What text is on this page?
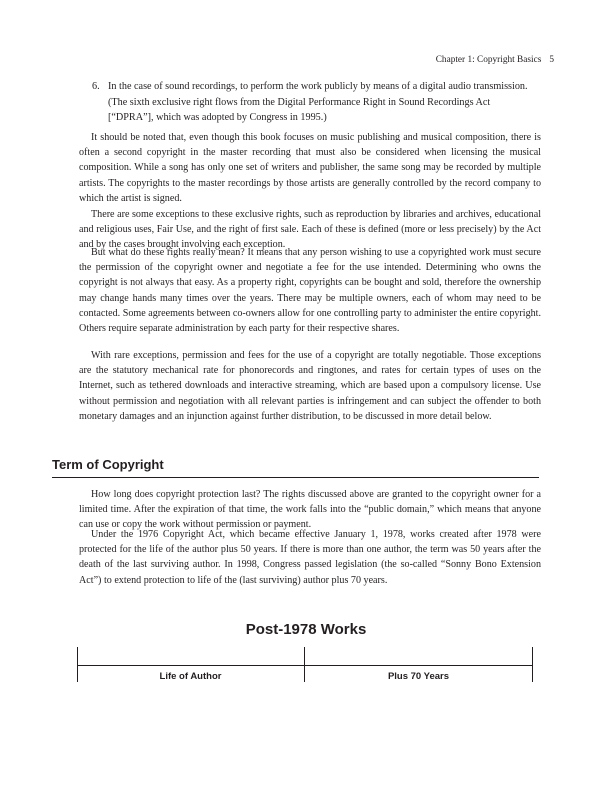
Chapter 1: Copyright Basics 5
6. In the case of sound recordings, to perform the work publicly by means of a digital audio transmission. (The sixth exclusive right flows from the Digital Performance Right in Sound Recordings Act [“DPRA”], which was adopted by Congress in 1995.)

It should be noted that, even though this book focuses on music publishing and musical composition, there is often a second copyright in the master recording that must also be considered when licensing the musical composition. While a song has only one set of writers and publisher, the same song may be recorded by multiple artists. The copyrights to the master recordings by those artists are generally controlled by the record company to which the artist is signed.

There are some exceptions to these exclusive rights, such as reproduction by libraries and archives, educational and religious uses, Fair Use, and the right of first sale. Each of these is defined (more or less precisely) by the Act and by the cases brought involving each exception.

But what do these rights really mean? It means that any person wishing to use a copyrighted work must secure the permission of the copyright owner and negotiate a fee for the use intended. Determining who owns the copyright is not always that easy. As a property right, copyrights can be bought and sold, therefore the ownership may change hands many times over the years. There may be multiple owners, each of whom may need to be contacted. Some agreements between co-owners allow for one controlling party to administer the entire copyright. Others require separate administration by each party for their respective shares.

With rare exceptions, permission and fees for the use of a copyright are totally negotiable. Those exceptions are the statutory mechanical rate for phonorecords and ringtones, and rates for certain types of uses on the Internet, such as tethered downloads and interactive streaming, which are based upon a compulsory license. Use without permission and negotiation with all relevant parties is infringement and can subject the offender to both monetary damages and an injunction against further distribution, to be discussed in more detail below.

Term of Copyright

How long does copyright protection last? The rights discussed above are granted to the copyright owner for a limited time. After the expiration of that time, the work falls into the “public domain,” which means that anyone can use or copy the work without permission or payment.

Under the 1976 Copyright Act, which became effective January 1, 1978, works created after 1978 were protected for the life of the author plus 50 years. If there is more than one author, the term was 50 years after the death of the last surviving author. In 1998, Congress passed legislation (the so-called “Sonny Bono Extension Act”) to extend protection to life of the (last surviving) author plus 70 years.

Post-1978 Works
Life of Author	Plus 70 Years
